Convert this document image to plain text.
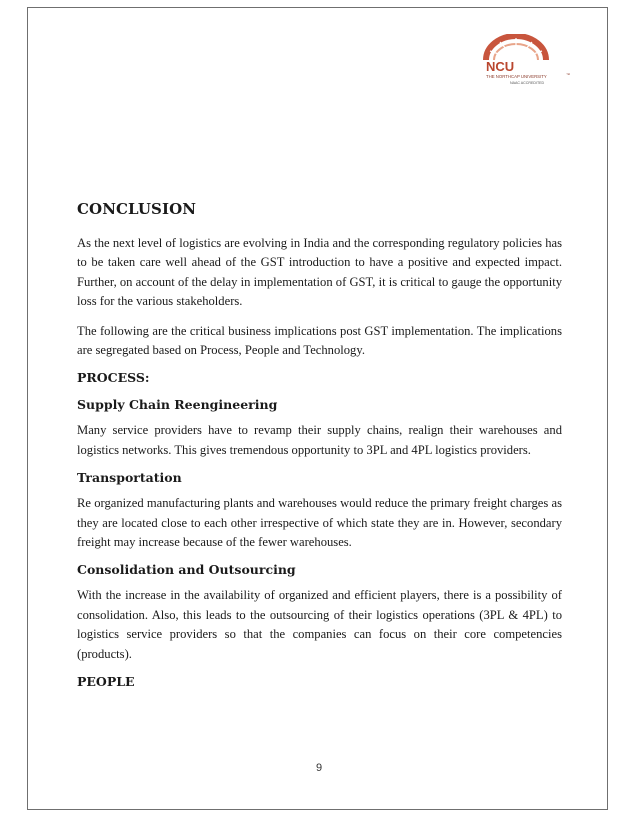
NCU
THE NORTHCAP UNIVERSITY	™
NAAC ACCREDITED
CONCLUSION

As the next level of logistics are evolving in India and the corresponding regulatory policies has to be taken care well ahead of the GST introduction to have a positive and expected impact. Further, on account of the delay in implementation of GST, it is critical to gauge the opportunity loss for the various stakeholders.

The following are the critical business implications post GST implementation. The implications are segregated based on Process, People and Technology.

PROCESS:
Supply Chain Reengineering

Many service providers have to revamp their supply chains, realign their warehouses and logistics networks. This gives tremendous opportunity to 3PL and 4PL logistics providers.

Transportation

Re organized manufacturing plants and warehouses would reduce the primary freight charges as they are located close to each other irrespective of which state they are in. However, secondary freight may increase because of the fewer warehouses.

Consolidation and Outsourcing

With the increase in the availability of organized and efficient players, there is a possibility of consolidation. Also, this leads to the outsourcing of their logistics operations (3PL & 4PL) to logistics service providers so that the companies can focus on their core competencies (products).

PEOPLE
9
